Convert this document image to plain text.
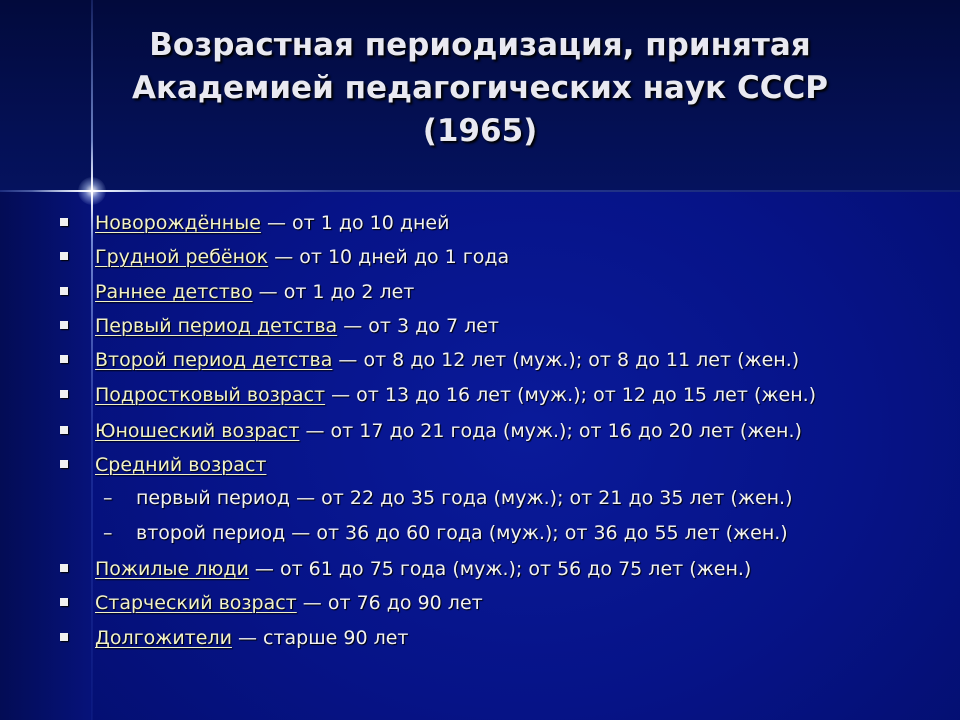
Возрастная периодизация, принятая
Академией педагогических наук СССР
(1965)
Новорождённые — от 1 до 10 дней
Грудной ребёнок — от 10 дней до 1 года
Раннее детство — от 1 до 2 лет
Первый период детства — от 3 до 7 лет
Второй период детства — от 8 до 12 лет (муж.); от 8 до 11 лет (жен.)
Подростковый возраст — от 13 до 16 лет (муж.); от 12 до 15 лет (жен.)
Юношеский возраст — от 17 до 21 года (муж.); от 16 до 20 лет (жен.)
Средний возраст
– первый период — от 22 до 35 года (муж.); от 21 до 35 лет (жен.)
– второй период — от 36 до 60 года (муж.); от 36 до 55 лет (жен.)
Пожилые люди — от 61 до 75 года (муж.); от 56 до 75 лет (жен.)
Старческий возраст — от 76 до 90 лет
Долгожители — старше 90 лет
